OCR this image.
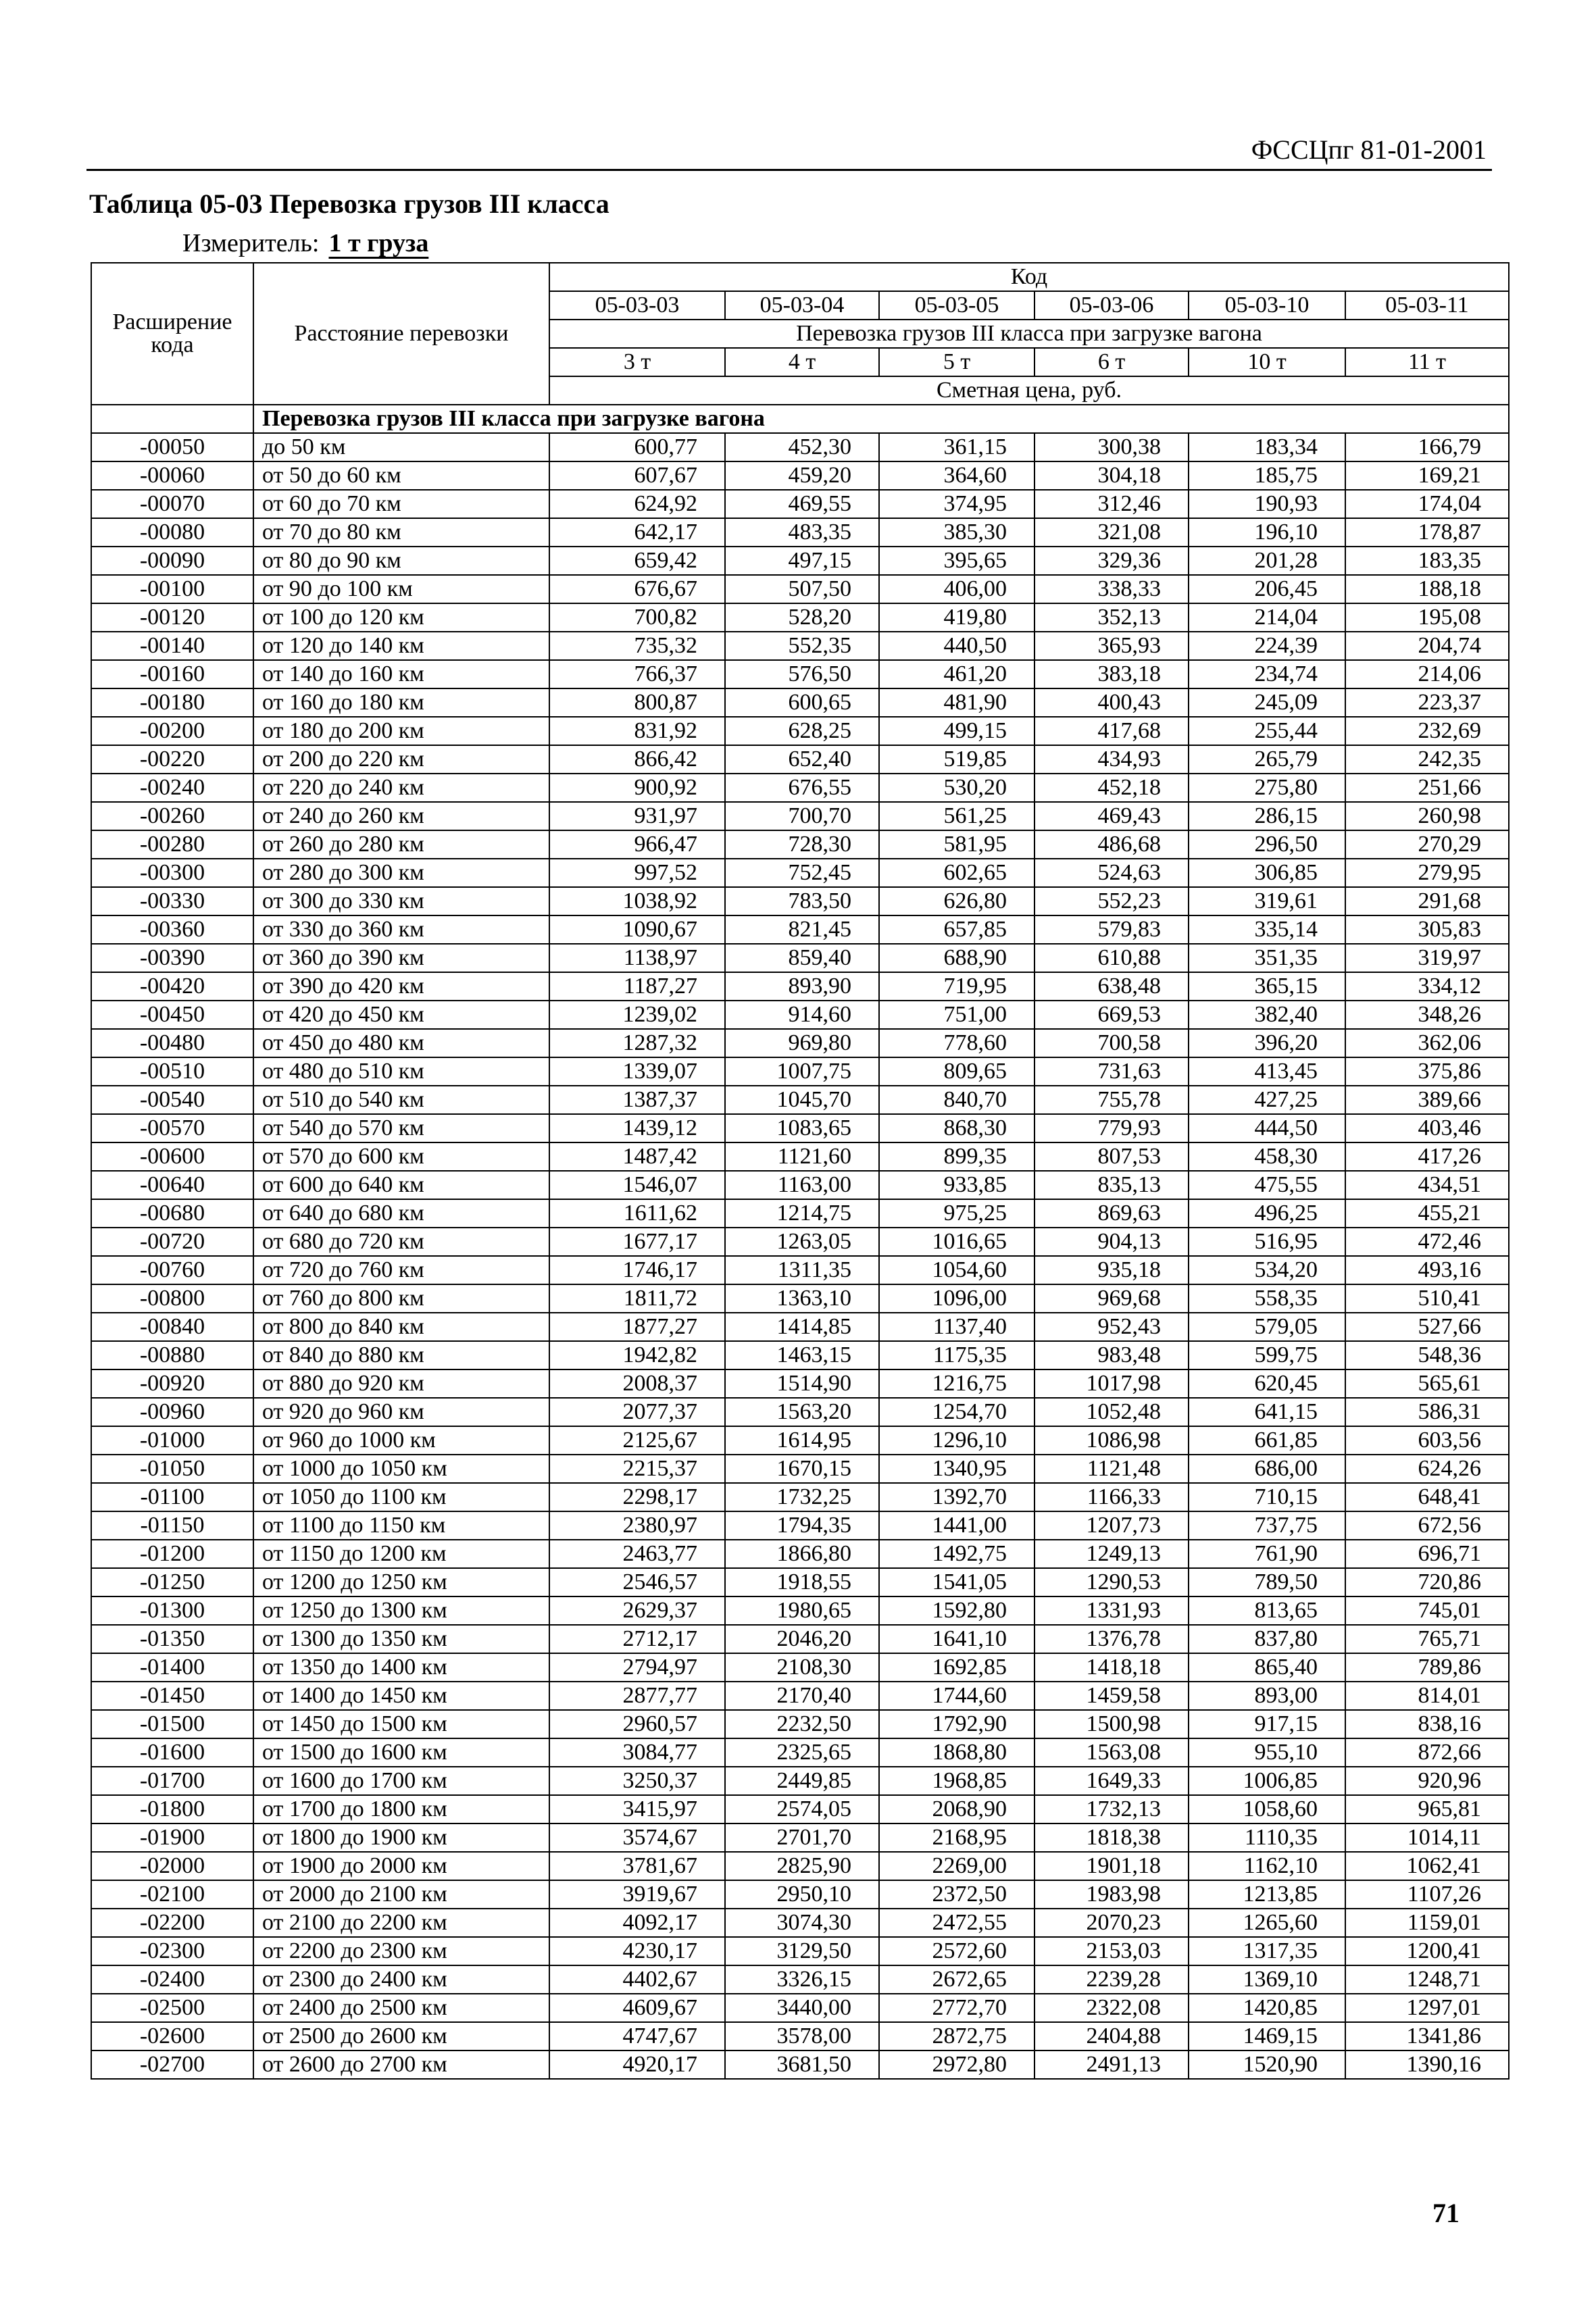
ФССЦпг 81-01-2001
Таблица 05-03 Перевозка грузов III класса
Измеритель: 1 т груза
Расширение кода	Расстояние перевозки	Код					
		05-03-03	05-03-04	05-03-05	05-03-06	05-03-10	05-03-11
		Перевозка грузов III класса при загрузке вагона					
		3 т	4 т	5 т	6 т	10 т	11 т
		Сметная цена, руб.					
	Перевозка грузов III класса при загрузке вагона						
-00050	до 50 км	600,77	452,30	361,15	300,38	183,34	166,79
-00060	от 50 до 60 км	607,67	459,20	364,60	304,18	185,75	169,21
-00070	от 60 до 70 км	624,92	469,55	374,95	312,46	190,93	174,04
-00080	от 70 до 80 км	642,17	483,35	385,30	321,08	196,10	178,87
-00090	от 80 до 90 км	659,42	497,15	395,65	329,36	201,28	183,35
-00100	от 90 до 100 км	676,67	507,50	406,00	338,33	206,45	188,18
-00120	от 100 до 120 км	700,82	528,20	419,80	352,13	214,04	195,08
-00140	от 120 до 140 км	735,32	552,35	440,50	365,93	224,39	204,74
-00160	от 140 до 160 км	766,37	576,50	461,20	383,18	234,74	214,06
-00180	от 160 до 180 км	800,87	600,65	481,90	400,43	245,09	223,37
-00200	от 180 до 200 км	831,92	628,25	499,15	417,68	255,44	232,69
-00220	от 200 до 220 км	866,42	652,40	519,85	434,93	265,79	242,35
-00240	от 220 до 240 км	900,92	676,55	530,20	452,18	275,80	251,66
-00260	от 240 до 260 км	931,97	700,70	561,25	469,43	286,15	260,98
-00280	от 260 до 280 км	966,47	728,30	581,95	486,68	296,50	270,29
-00300	от 280 до 300 км	997,52	752,45	602,65	524,63	306,85	279,95
-00330	от 300 до 330 км	1038,92	783,50	626,80	552,23	319,61	291,68
-00360	от 330 до 360 км	1090,67	821,45	657,85	579,83	335,14	305,83
-00390	от 360 до 390 км	1138,97	859,40	688,90	610,88	351,35	319,97
-00420	от 390 до 420 км	1187,27	893,90	719,95	638,48	365,15	334,12
-00450	от 420 до 450 км	1239,02	914,60	751,00	669,53	382,40	348,26
-00480	от 450 до 480 км	1287,32	969,80	778,60	700,58	396,20	362,06
-00510	от 480 до 510 км	1339,07	1007,75	809,65	731,63	413,45	375,86
-00540	от 510 до 540 км	1387,37	1045,70	840,70	755,78	427,25	389,66
-00570	от 540 до 570 км	1439,12	1083,65	868,30	779,93	444,50	403,46
-00600	от 570 до 600 км	1487,42	1121,60	899,35	807,53	458,30	417,26
-00640	от 600 до 640 км	1546,07	1163,00	933,85	835,13	475,55	434,51
-00680	от 640 до 680 км	1611,62	1214,75	975,25	869,63	496,25	455,21
-00720	от 680 до 720 км	1677,17	1263,05	1016,65	904,13	516,95	472,46
-00760	от 720 до 760 км	1746,17	1311,35	1054,60	935,18	534,20	493,16
-00800	от 760 до 800 км	1811,72	1363,10	1096,00	969,68	558,35	510,41
-00840	от 800 до 840 км	1877,27	1414,85	1137,40	952,43	579,05	527,66
-00880	от 840 до 880 км	1942,82	1463,15	1175,35	983,48	599,75	548,36
-00920	от 880 до 920 км	2008,37	1514,90	1216,75	1017,98	620,45	565,61
-00960	от 920 до 960 км	2077,37	1563,20	1254,70	1052,48	641,15	586,31
-01000	от 960 до 1000 км	2125,67	1614,95	1296,10	1086,98	661,85	603,56
-01050	от 1000 до 1050 км	2215,37	1670,15	1340,95	1121,48	686,00	624,26
-01100	от 1050 до 1100 км	2298,17	1732,25	1392,70	1166,33	710,15	648,41
-01150	от 1100 до 1150 км	2380,97	1794,35	1441,00	1207,73	737,75	672,56
-01200	от 1150 до 1200 км	2463,77	1866,80	1492,75	1249,13	761,90	696,71
-01250	от 1200 до 1250 км	2546,57	1918,55	1541,05	1290,53	789,50	720,86
-01300	от 1250 до 1300 км	2629,37	1980,65	1592,80	1331,93	813,65	745,01
-01350	от 1300 до 1350 км	2712,17	2046,20	1641,10	1376,78	837,80	765,71
-01400	от 1350 до 1400 км	2794,97	2108,30	1692,85	1418,18	865,40	789,86
-01450	от 1400 до 1450 км	2877,77	2170,40	1744,60	1459,58	893,00	814,01
-01500	от 1450 до 1500 км	2960,57	2232,50	1792,90	1500,98	917,15	838,16
-01600	от 1500 до 1600 км	3084,77	2325,65	1868,80	1563,08	955,10	872,66
-01700	от 1600 до 1700 км	3250,37	2449,85	1968,85	1649,33	1006,85	920,96
-01800	от 1700 до 1800 км	3415,97	2574,05	2068,90	1732,13	1058,60	965,81
-01900	от 1800 до 1900 км	3574,67	2701,70	2168,95	1818,38	1110,35	1014,11
-02000	от 1900 до 2000 км	3781,67	2825,90	2269,00	1901,18	1162,10	1062,41
-02100	от 2000 до 2100 км	3919,67	2950,10	2372,50	1983,98	1213,85	1107,26
-02200	от 2100 до 2200 км	4092,17	3074,30	2472,55	2070,23	1265,60	1159,01
-02300	от 2200 до 2300 км	4230,17	3129,50	2572,60	2153,03	1317,35	1200,41
-02400	от 2300 до 2400 км	4402,67	3326,15	2672,65	2239,28	1369,10	1248,71
-02500	от 2400 до 2500 км	4609,67	3440,00	2772,70	2322,08	1420,85	1297,01
-02600	от 2500 до 2600 км	4747,67	3578,00	2872,75	2404,88	1469,15	1341,86
-02700	от 2600 до 2700 км	4920,17	3681,50	2972,80	2491,13	1520,90	1390,16
71
